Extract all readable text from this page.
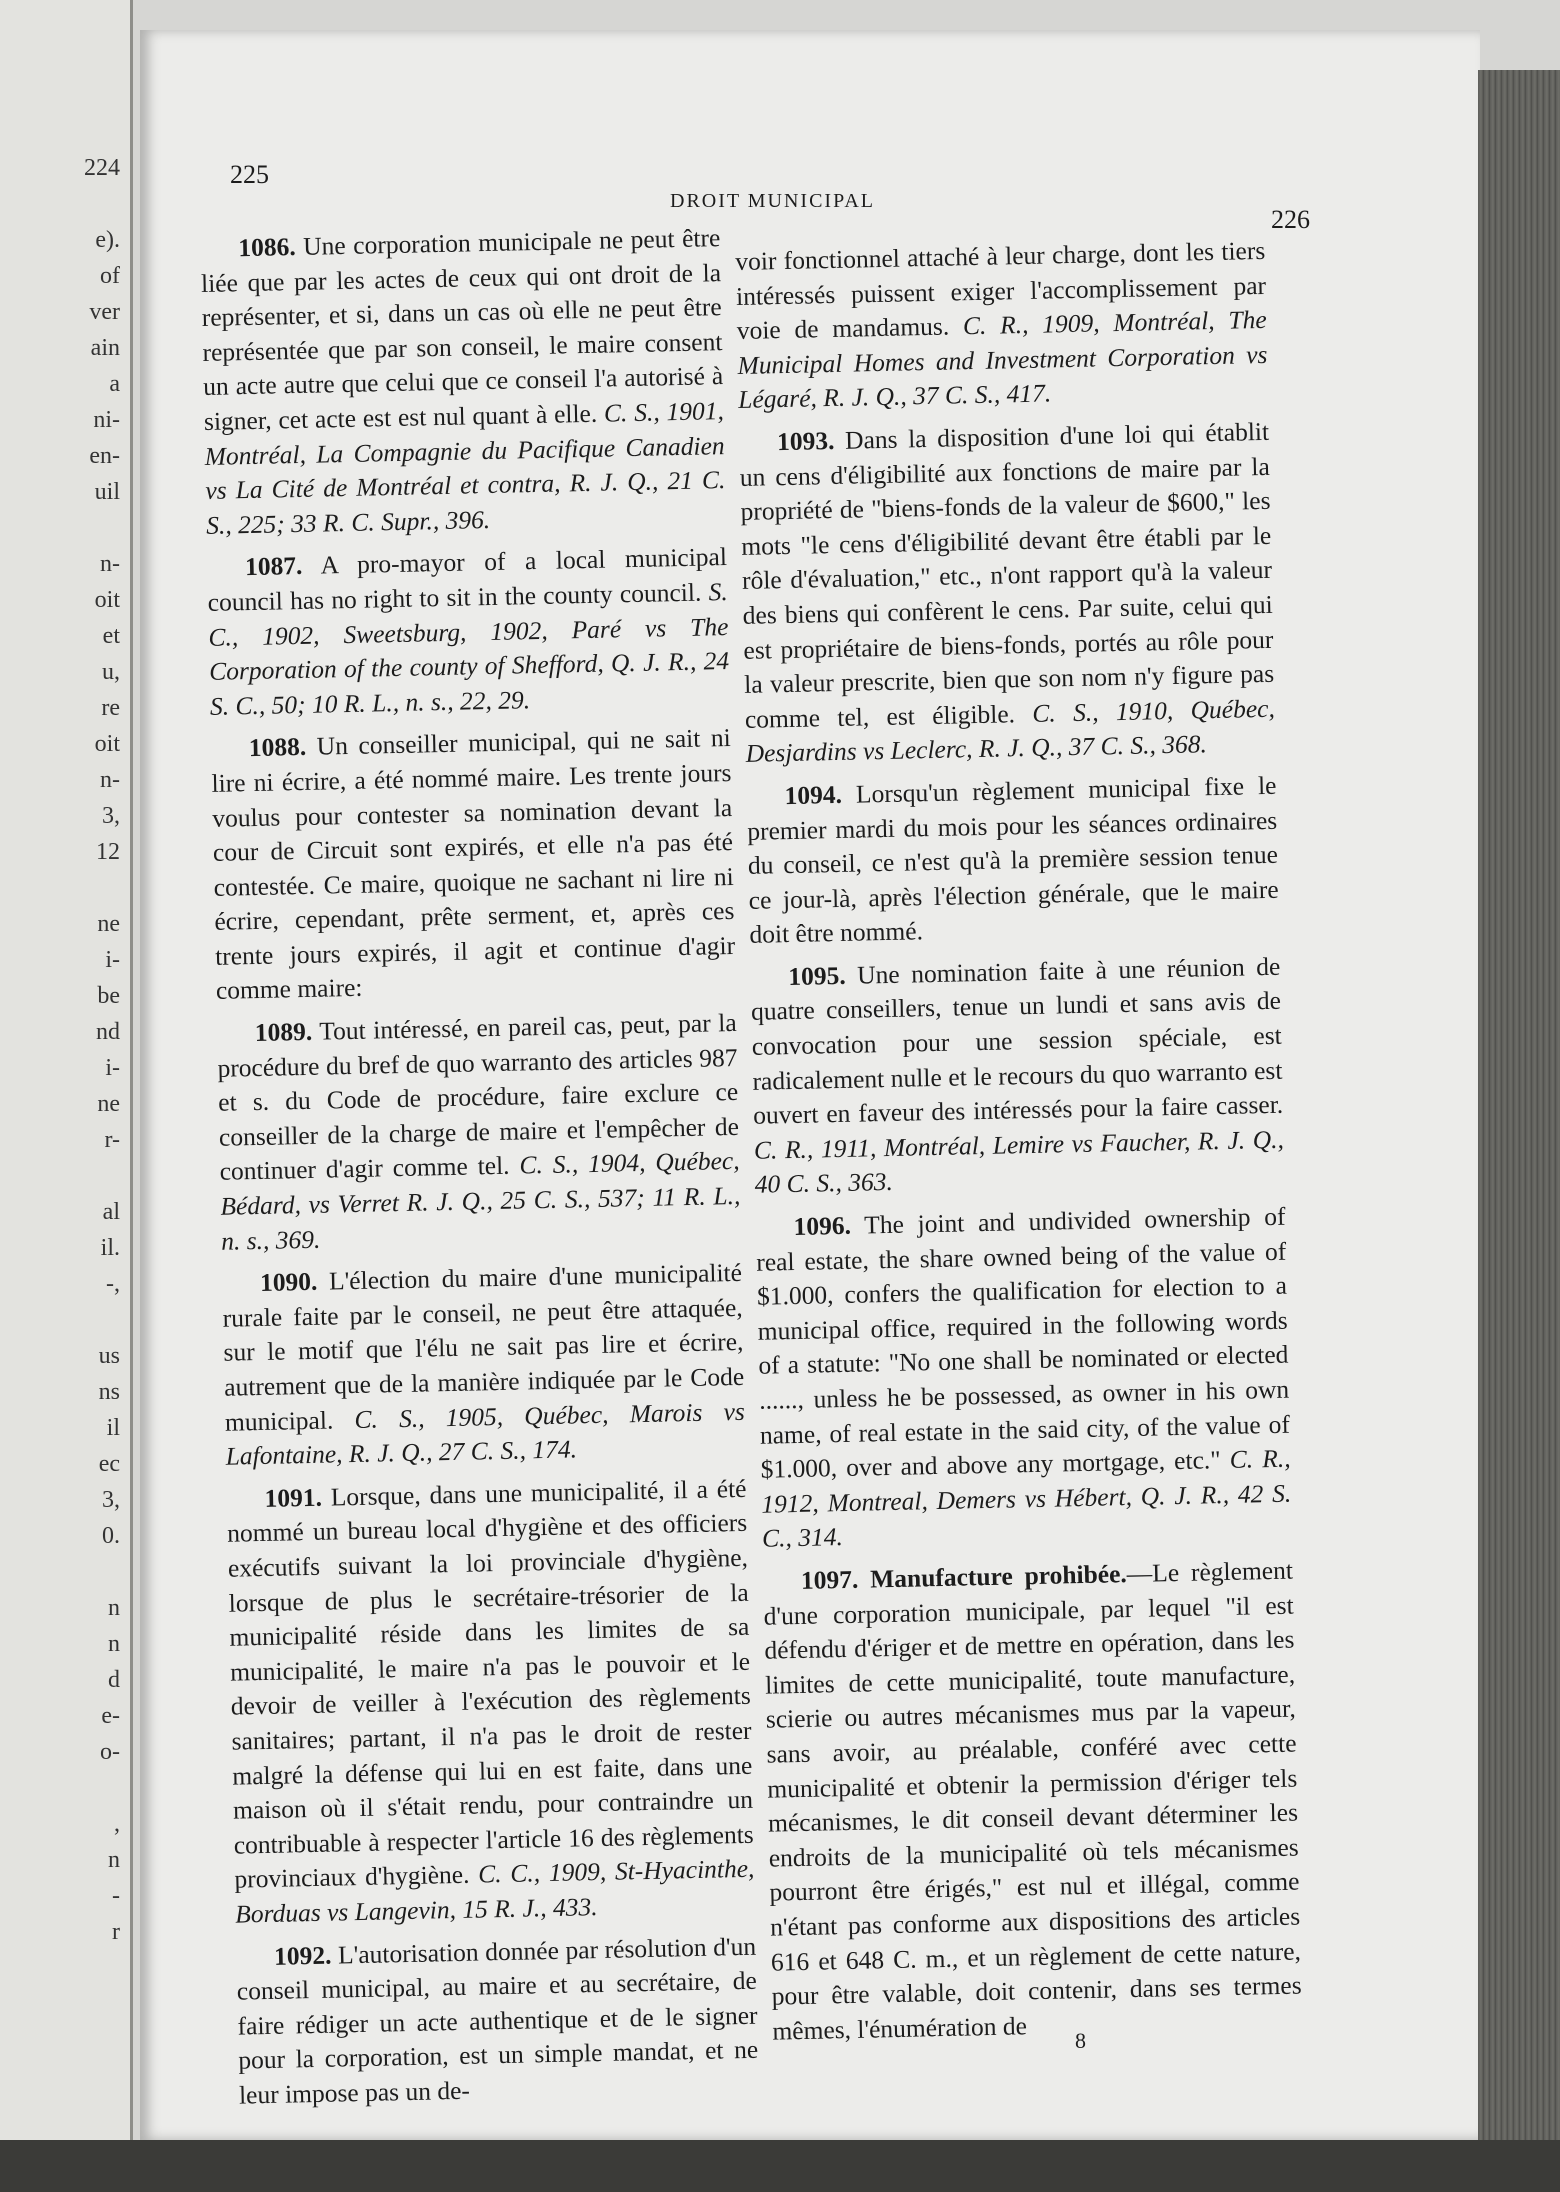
224

e).
of
ver
ain
a
ni-
en-
uil

n-
oit
et
u,
re
oit
n-
3,
12

ne
i-
be
nd
i-
ne
r-

al
il.
-,

us
ns
il
ec
3,
0.

n
n
d
e-
o-

,
n
-
r
225
DROIT MUNICIPAL
226

1086. Une corporation municipale ne peut être liée que par les actes de ceux qui ont droit de la représenter, et si, dans un cas où elle ne peut être représentée que par son conseil, le maire consent un acte autre que celui que ce conseil l'a autorisé à signer, cet acte est est nul quant à elle. C. S., 1901, Montréal, La Compagnie du Pacifique Canadien vs La Cité de Montréal et contra, R. J. Q., 21 C. S., 225; 33 R. C. Supr., 396.

1087. A pro-mayor of a local municipal council has no right to sit in the county council. S. C., 1902, Sweetsburg, 1902, Paré vs The Corporation of the county of Shefford, Q. J. R., 24 S. C., 50; 10 R. L., n. s., 22, 29.

1088. Un conseiller municipal, qui ne sait ni lire ni écrire, a été nommé maire. Les trente jours voulus pour contester sa nomination devant la cour de Circuit sont expirés, et elle n'a pas été contestée. Ce maire, quoique ne sachant ni lire ni écrire, cependant, prête serment, et, après ces trente jours expirés, il agit et continue d'agir comme maire:

1089. Tout intéressé, en pareil cas, peut, par la procédure du bref de quo warranto des articles 987 et s. du Code de procédure, faire exclure ce conseiller de la charge de maire et l'empêcher de continuer d'agir comme tel. C. S., 1904, Québec, Bédard, vs Verret R. J. Q., 25 C. S., 537; 11 R. L., n. s., 369.

1090. L'élection du maire d'une municipalité rurale faite par le conseil, ne peut être attaquée, sur le motif que l'élu ne sait pas lire et écrire, autrement que de la manière indiquée par le Code municipal. C. S., 1905, Québec, Marois vs Lafontaine, R. J. Q., 27 C. S., 174.

1091. Lorsque, dans une municipalité, il a été nommé un bureau local d'hygiène et des officiers exécutifs suivant la loi provinciale d'hygiène, lorsque de plus le secrétaire-trésorier de la municipalité réside dans les limites de sa municipalité, le maire n'a pas le pouvoir et le devoir de veiller à l'exécution des règlements sanitaires; partant, il n'a pas le droit de rester malgré la défense qui lui en est faite, dans une maison où il s'était rendu, pour contraindre un contribuable à respecter l'article 16 des règlements provinciaux d'hygiène. C. C., 1909, St-Hyacinthe, Borduas vs Langevin, 15 R. J., 433.

1092. L'autorisation donnée par résolution d'un conseil municipal, au maire et au secrétaire, de faire rédiger un acte authentique et de le signer pour la corporation, est un simple mandat, et ne leur impose pas un de-

voir fonctionnel attaché à leur charge, dont les tiers intéressés puissent exiger l'accomplissement par voie de mandamus. C. R., 1909, Montréal, The Municipal Homes and Investment Corporation vs Légaré, R. J. Q., 37 C. S., 417.

1093. Dans la disposition d'une loi qui établit un cens d'éligibilité aux fonctions de maire par la propriété de "biens-fonds de la valeur de $600," les mots "le cens d'éligibilité devant être établi par le rôle d'évaluation," etc., n'ont rapport qu'à la valeur des biens qui confèrent le cens. Par suite, celui qui est propriétaire de biens-fonds, portés au rôle pour la valeur prescrite, bien que son nom n'y figure pas comme tel, est éligible. C. S., 1910, Québec, Desjardins vs Leclerc, R. J. Q., 37 C. S., 368.

1094. Lorsqu'un règlement municipal fixe le premier mardi du mois pour les séances ordinaires du conseil, ce n'est qu'à la première session tenue ce jour-là, après l'élection générale, que le maire doit être nommé.

1095. Une nomination faite à une réunion de quatre conseillers, tenue un lundi et sans avis de convocation pour une session spéciale, est radicalement nulle et le recours du quo warranto est ouvert en faveur des intéressés pour la faire casser. C. R., 1911, Montréal, Lemire vs Faucher, R. J. Q., 40 C. S., 363.

1096. The joint and undivided ownership of real estate, the share owned being of the value of $1.000, confers the qualification for election to a municipal office, required in the following words of a statute: "No one shall be nominated or elected ......, unless he be possessed, as owner in his own name, of real estate in the said city, of the value of $1.000, over and above any mortgage, etc." C. R., 1912, Montreal, Demers vs Hébert, Q. J. R., 42 S. C., 314.

1097. Manufacture prohibée.—Le règlement d'une corporation municipale, par lequel "il est défendu d'ériger et de mettre en opération, dans les limites de cette municipalité, toute manufacture, scierie ou autres mécanismes mus par la vapeur, sans avoir, au préalable, conféré avec cette municipalité et obtenir la permission d'ériger tels mécanismes, le dit conseil devant déterminer les endroits de la municipalité où tels mécanismes pourront être érigés," est nul et illégal, comme n'étant pas conforme aux dispositions des articles 616 et 648 C. m., et un règlement de cette nature, pour être valable, doit contenir, dans ses termes mêmes, l'énumération de	8
